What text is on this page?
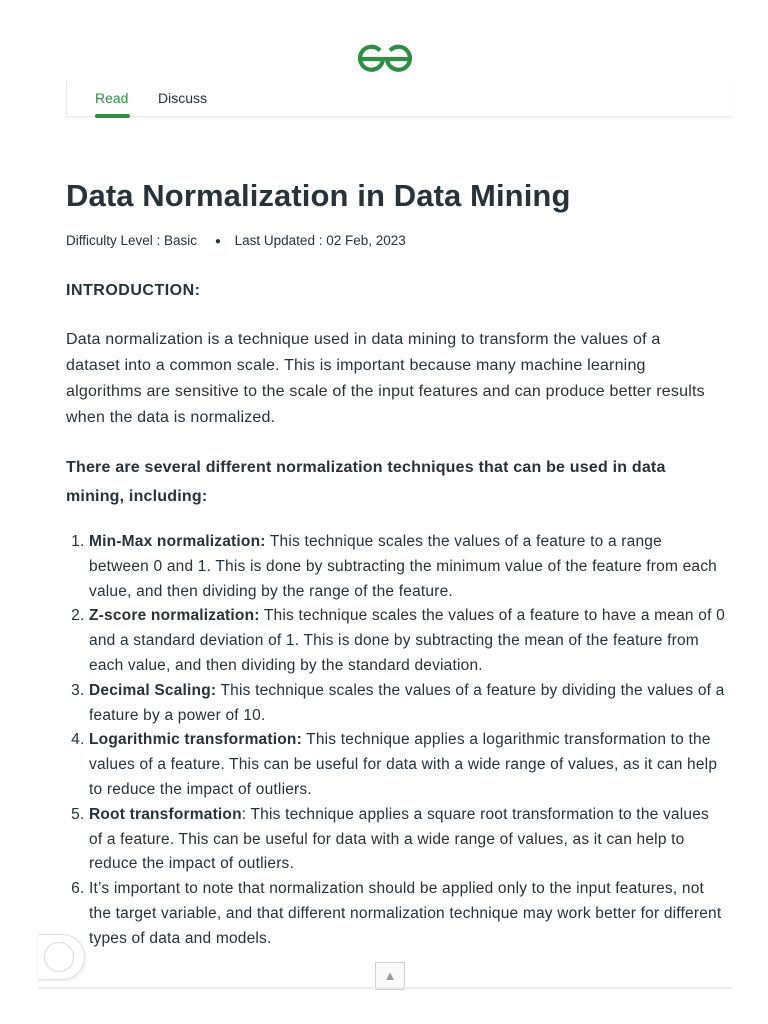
Read Discuss
Data Normalization in Data Mining
Difficulty Level : Basic ● Last Updated : 02 Feb, 2023
INTRODUCTION:

Data normalization is a technique used in data mining to transform the values of a dataset into a common scale. This is important because many machine learning algorithms are sensitive to the scale of the input features and can produce better results when the data is normalized.

There are several different normalization techniques that can be used in data mining, including:

1. Min-Max normalization: This technique scales the values of a feature to a range between 0 and 1. This is done by subtracting the minimum value of the feature from each value, and then dividing by the range of the feature.
2. Z-score normalization: This technique scales the values of a feature to have a mean of 0 and a standard deviation of 1. This is done by subtracting the mean of the feature from each value, and then dividing by the standard deviation.
3. Decimal Scaling: This technique scales the values of a feature by dividing the values of a feature by a power of 10.
4. Logarithmic transformation: This technique applies a logarithmic transformation to the values of a feature. This can be useful for data with a wide range of values, as it can help to reduce the impact of outliers.
5. Root transformation: This technique applies a square root transformation to the values of a feature. This can be useful for data with a wide range of values, as it can help to reduce the impact of outliers.
6. It’s important to note that normalization should be applied only to the input features, not the target variable, and that different normalization technique may work better for different types of data and models.
▲
